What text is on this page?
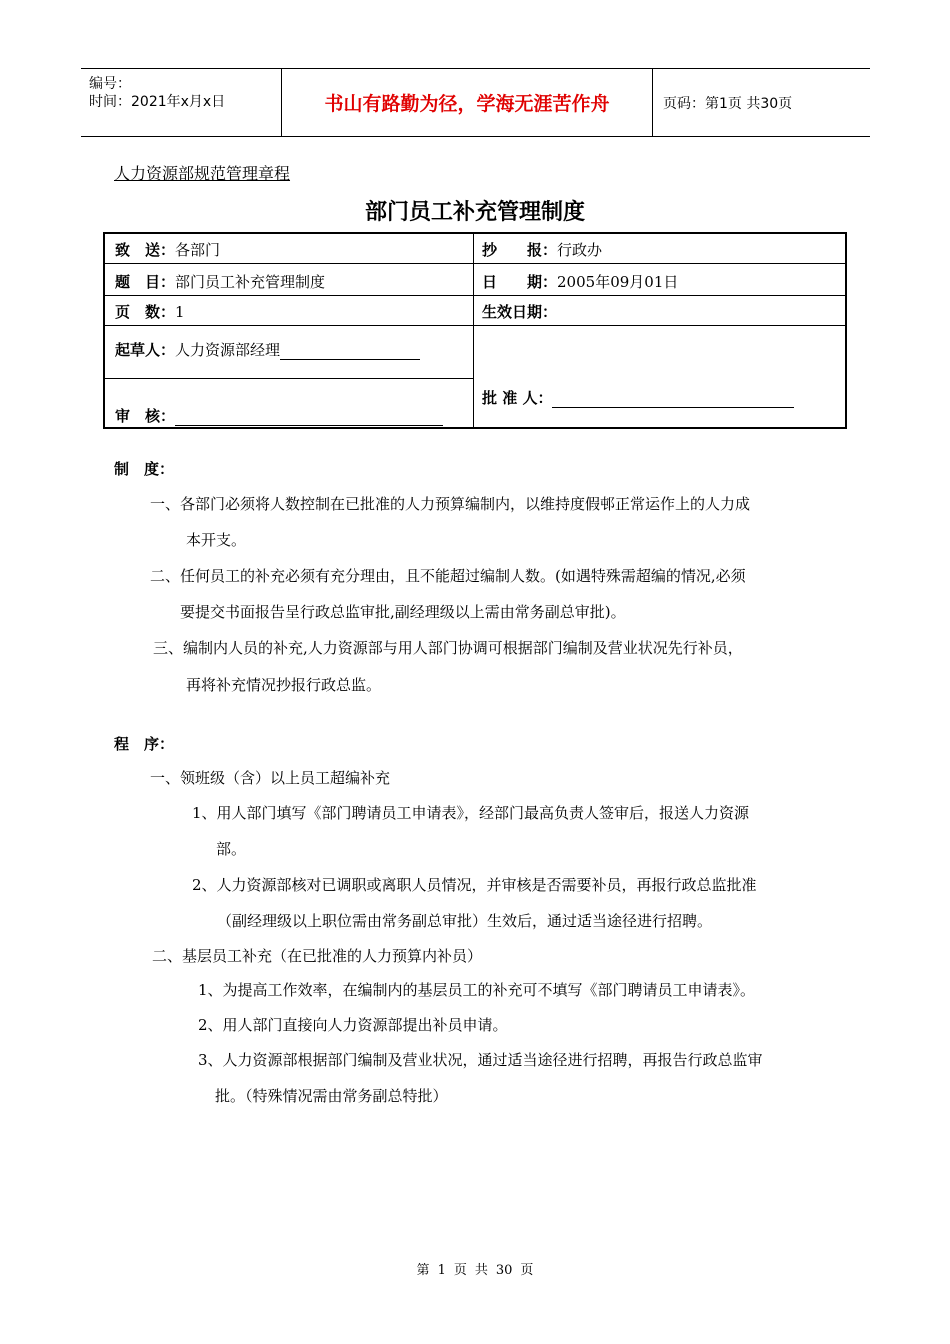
编号：
时间：2021年x月x日	书山有路勤为径，学海无涯苦作舟	页码：第1页 共30页
人力资源部规范管理章程
部门员工补充管理制度
致　送：各部门	抄　　报：行政办
题　目：部门员工补充管理制度	日　　期：2005年09月01日
页　数：1	生效日期：
起草人：人力资源部经理
审　核：
批 准 人：
制　度：
一、各部门必须将人数控制在已批准的人力预算编制内，以维持度假邨正常运作上的人力成
本开支。
二、任何员工的补充必须有充分理由，且不能超过编制人数。(如遇特殊需超编的情况,必须
要提交书面报告呈行政总监审批,副经理级以上需由常务副总审批)。
三、编制内人员的补充,人力资源部与用人部门协调可根据部门编制及营业状况先行补员，
再将补充情况抄报行政总监。
程　序：
一、领班级（含）以上员工超编补充
1、用人部门填写《部门聘请员工申请表》，经部门最高负责人签审后，报送人力资源
部。
2、人力资源部核对已调职或离职人员情况，并审核是否需要补员，再报行政总监批准
（副经理级以上职位需由常务副总审批）生效后，通过适当途径进行招聘。
二、基层员工补充（在已批准的人力预算内补员）
1、为提高工作效率，在编制内的基层员工的补充可不填写《部门聘请员工申请表》。
2、用人部门直接向人力资源部提出补员申请。
3、人力资源部根据部门编制及营业状况，通过适当途径进行招聘，再报告行政总监审
批。（特殊情况需由常务副总特批）
第 1 页 共 30 页
